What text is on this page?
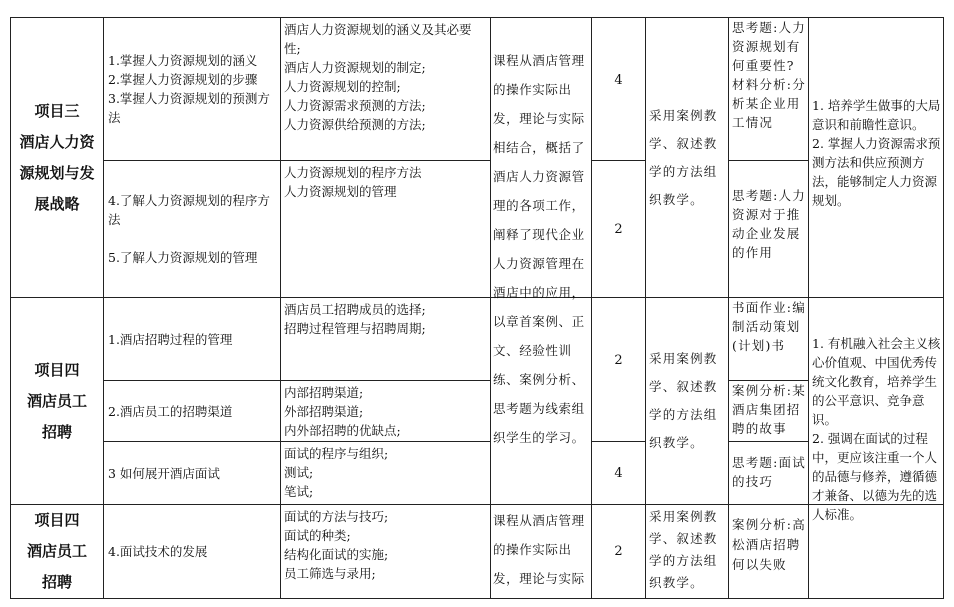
项目三
酒店人力资
源规划与发
展战略
1.掌握人力资源规划的涵义
2.掌握人力资源规划的步骤
3.掌握人力资源规划的预测方法
4.了解人力资源规划的程序方法

5.了解人力资源规划的管理
酒店人力资源规划的涵义及其必要性;
酒店人力资源规划的制定;
人力资源规划的控制;
人力资源需求预测的方法;
人力资源供给预测的方法;
人力资源规划的程序方法
人力资源规划的管理
4
2
采用案例教学、叙述教学的方法组织教学。
思考题:人力资源规划有何重要性?
材料分析:分析某企业用工情况
思考题:人力资源对于推动企业发展的作用
1. 培养学生做事的大局意识和前瞻性意识。
2. 掌握人力资源需求预测方法和供应预测方法，能够制定人力资源规划。
课程从酒店管理的操作实际出发，理论与实际相结合，概括了酒店人力资源管理的各项工作，阐释了现代企业人力资源管理在酒店中的应用，以章首案例、正文、经验性训练、案例分析、思考题为线索组织学生的学习。
项目四
酒店员工
招聘
1.酒店招聘过程的管理
2.酒店员工的招聘渠道
3 如何展开酒店面试
酒店员工招聘成员的选择;
招聘过程管理与招聘周期;
内部招聘渠道;
外部招聘渠道;
内外部招聘的优缺点;
面试的程序与组织;
测试;
笔试;
2
4
采用案例教学、叙述教学的方法组织教学。
书面作业:编制活动策划(计划)书
案例分析:某酒店集团招聘的故事
思考题:面试的技巧
1. 有机融入社会主义核心价值观、中国优秀传统文化教育，培养学生的公平意识、竞争意识。
2. 强调在面试的过程中，更应该注重一个人的品德与修养，遵循德才兼备、以德为先的选人标准。
项目四
酒店员工
招聘
4.面试技术的发展
面试的方法与技巧;
面试的种类;
结构化面试的实施;
员工筛选与录用;
课程从酒店管理的操作实际出发，理论与实际
2
采用案例教学、叙述教学的方法组织教学。
案例分析:高松酒店招聘何以失败
